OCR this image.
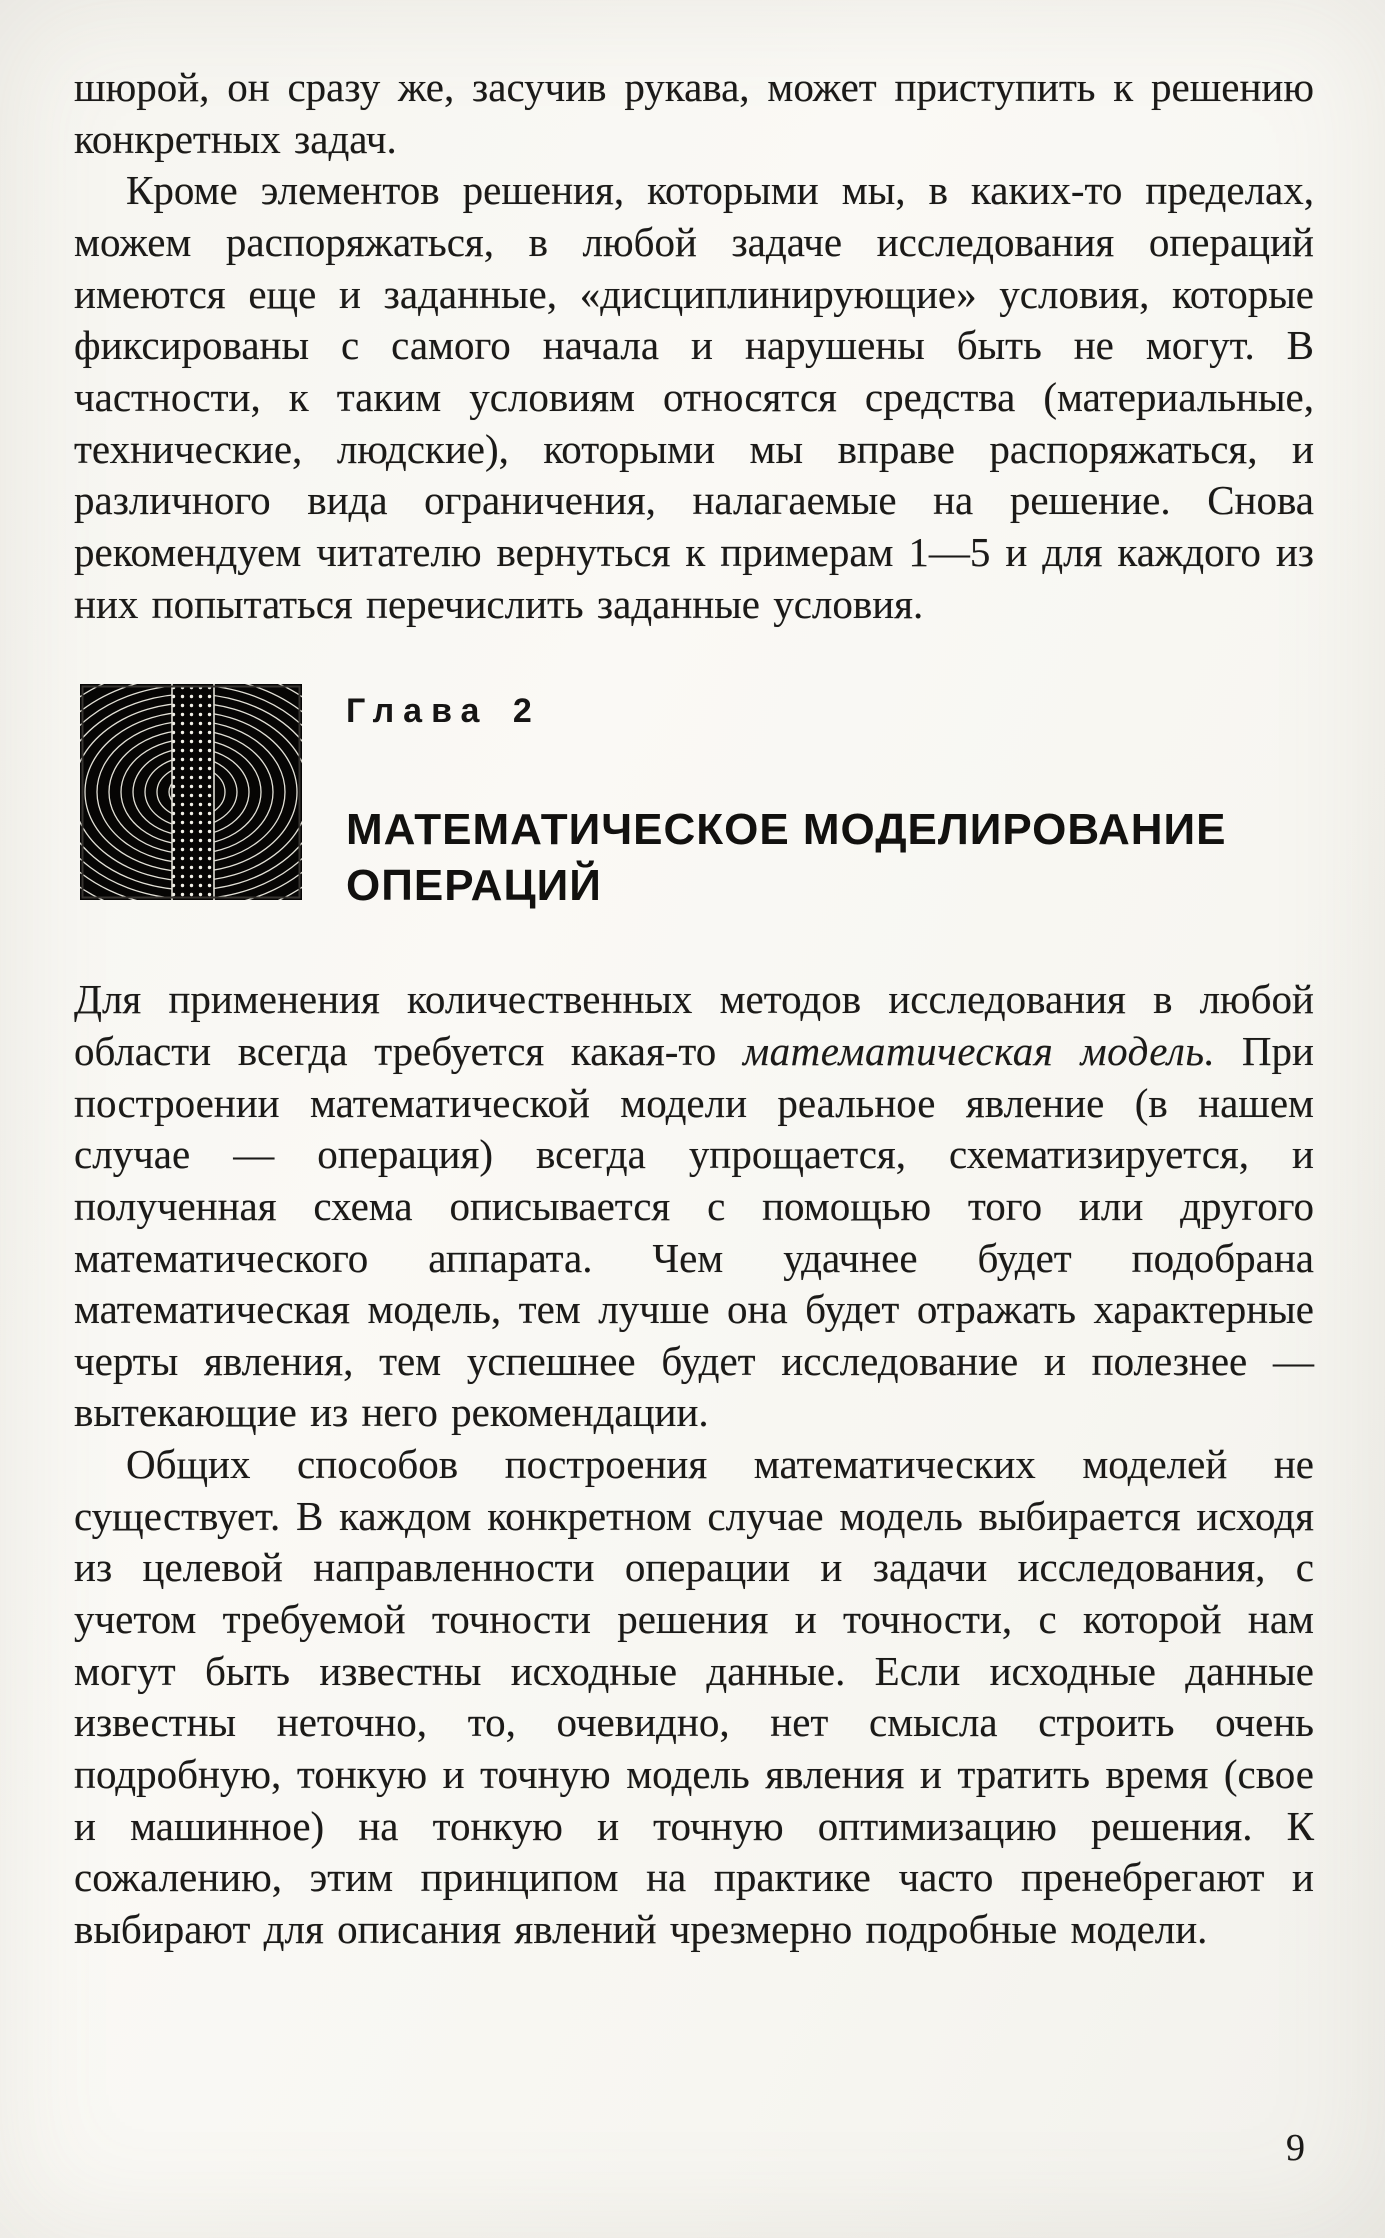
шюрой, он сразу же, засучив рукава, может приступить к решению конкретных задач.

Кроме элементов решения, которыми мы, в каких-то пределах, можем распоряжаться, в любой задаче исследования операций имеются еще и заданные, «дисциплинирующие» условия, которые фиксированы с самого начала и нарушены быть не могут. В частности, к таким условиям относятся средства (материальные, технические, людские), которыми мы вправе распоряжаться, и различного вида ограничения, налагаемые на решение. Снова рекомендуем читателю вернуться к примерам 1—5 и для каждого из них попытаться перечислить заданные условия.

Глава 2
МАТЕМАТИЧЕСКОЕ МОДЕЛИРОВАНИЕ ОПЕРАЦИЙ

Для применения количественных методов исследования в любой области всегда требуется какая-то математическая модель. При построении математической модели реальное явление (в нашем случае — операция) всегда упрощается, схематизируется, и полученная схема описывается с помощью того или другого математического аппарата. Чем удачнее будет подобрана математическая модель, тем лучше она будет отражать характерные черты явления, тем успешнее будет исследование и полезнее — вытекающие из него рекомендации.

Общих способов построения математических моделей не существует. В каждом конкретном случае модель выбирается исходя из целевой направленности операции и задачи исследования, с учетом требуемой точности решения и точности, с которой нам могут быть известны исходные данные. Если исходные данные известны неточно, то, очевидно, нет смысла строить очень подробную, тонкую и точную модель явления и тратить время (свое и машинное) на тонкую и точную оптимизацию решения. К сожалению, этим принципом на практике часто пренебрегают и выбирают для описания явлений чрезмерно подробные модели.

9
